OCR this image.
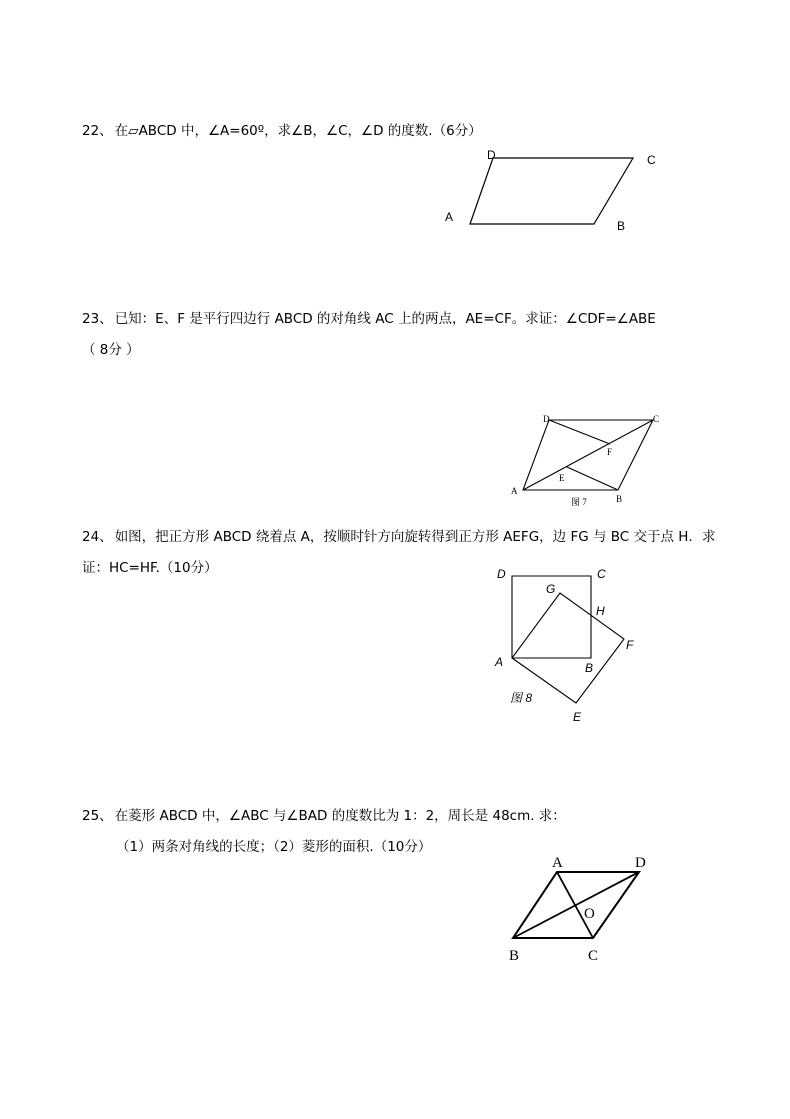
22、 在▱ABCD 中，∠A=60º，求∠B，∠C，∠D 的度数.（6分）
A
D	C
B
23、 已知：E、F 是平行四边行 ABCD 的对角线 AC 上的两点，AE=CF。求证：∠CDF=∠ABE
（ 8分 ）
A
D	C
B
F
E
图 7
24、 如图，把正方形 ABCD 绕着点 A，按顺时针方向旋转得到正方形 AEFG，边 FG 与 BC 交于点 H．求
证：HC=HF.（10分）	D	C
G
H
F
A	B
E
图 8
25、 在菱形 ABCD 中，∠ABC 与∠BAD 的度数比为 1：2，周长是 48cm. 求：
（1）两条对角线的长度；（2）菱形的面积.（10分）
A	D
B	C
O
